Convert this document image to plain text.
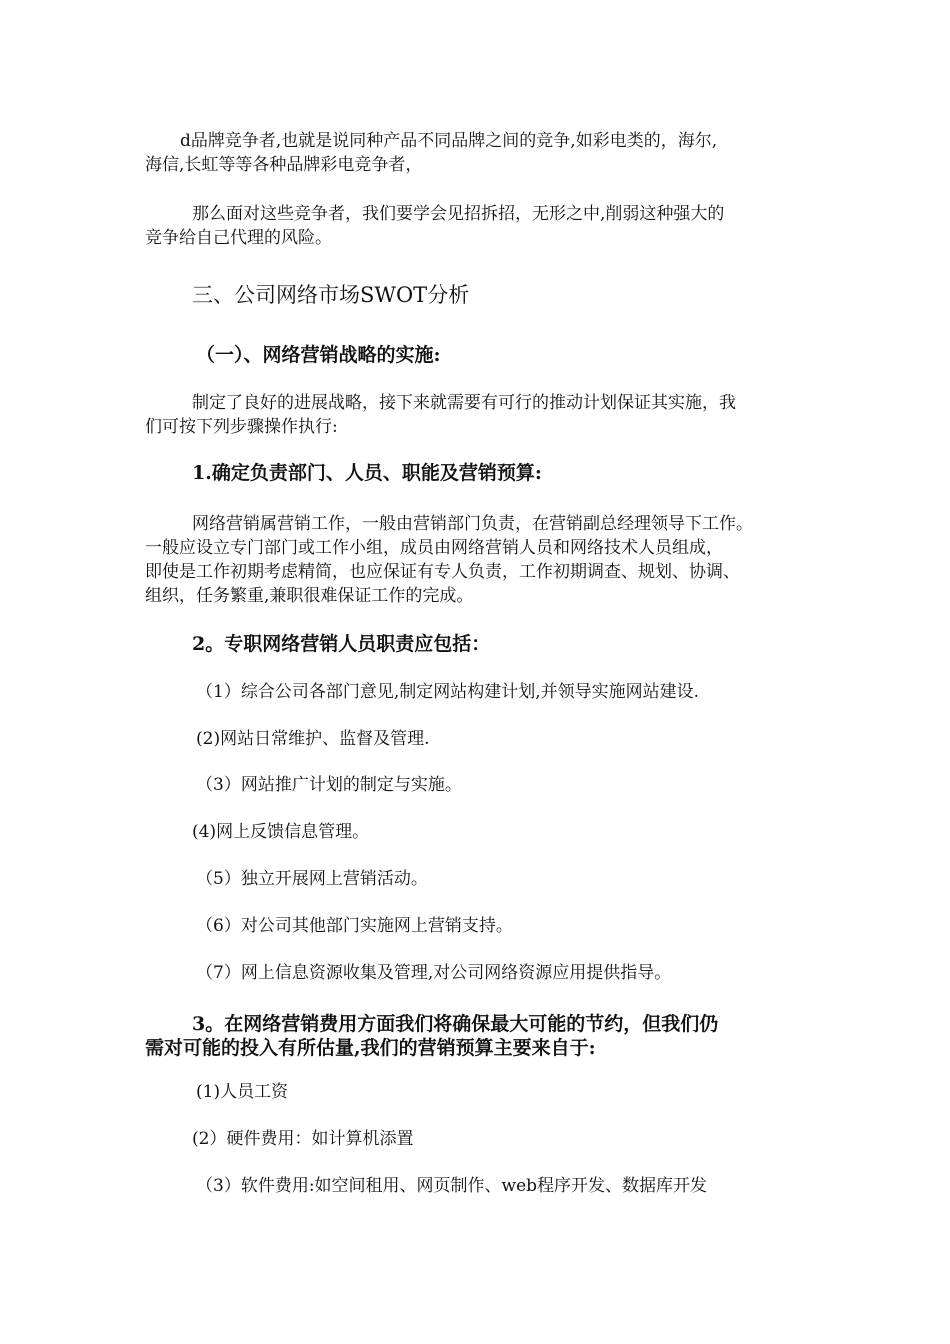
d品牌竞争者,也就是说同种产品不同品牌之间的竞争,如彩电类的，海尔,

海信,长虹等等各种品牌彩电竞争者，

那么面对这些竞争者，我们要学会见招拆招，无形之中,削弱这种强大的

竞争给自己代理的风险。

三、公司网络市场SWOT分析
（一）、网络营销战略的实施:

制定了良好的进展战略，接下来就需要有可行的推动计划保证其实施，我

们可按下列步骤操作执行:

1.确定负责部门、人员、职能及营销预算:

网络营销属营销工作，一般由营销部门负责，在营销副总经理领导下工作。

一般应设立专门部门或工作小组，成员由网络营销人员和网络技术人员组成，

即使是工作初期考虑精简，也应保证有专人负责，工作初期调查、规划、协调、

组织，任务繁重,兼职很难保证工作的完成。

2。专职网络营销人员职责应包括：

（1）综合公司各部门意见,制定网站构建计划,并领导实施网站建设.

(2)网站日常维护、监督及管理.

（3）网站推广计划的制定与实施。

(4)网上反馈信息管理。

（5）独立开展网上营销活动。

（6）对公司其他部门实施网上营销支持。

（7）网上信息资源收集及管理,对公司网络资源应用提供指导。

3。在网络营销费用方面我们将确保最大可能的节约，但我们仍
需对可能的投入有所估量,我们的营销预算主要来自于:

(1)人员工资

(2）硬件费用：如计算机添置

（3）软件费用:如空间租用、网页制作、web程序开发、数据库开发
